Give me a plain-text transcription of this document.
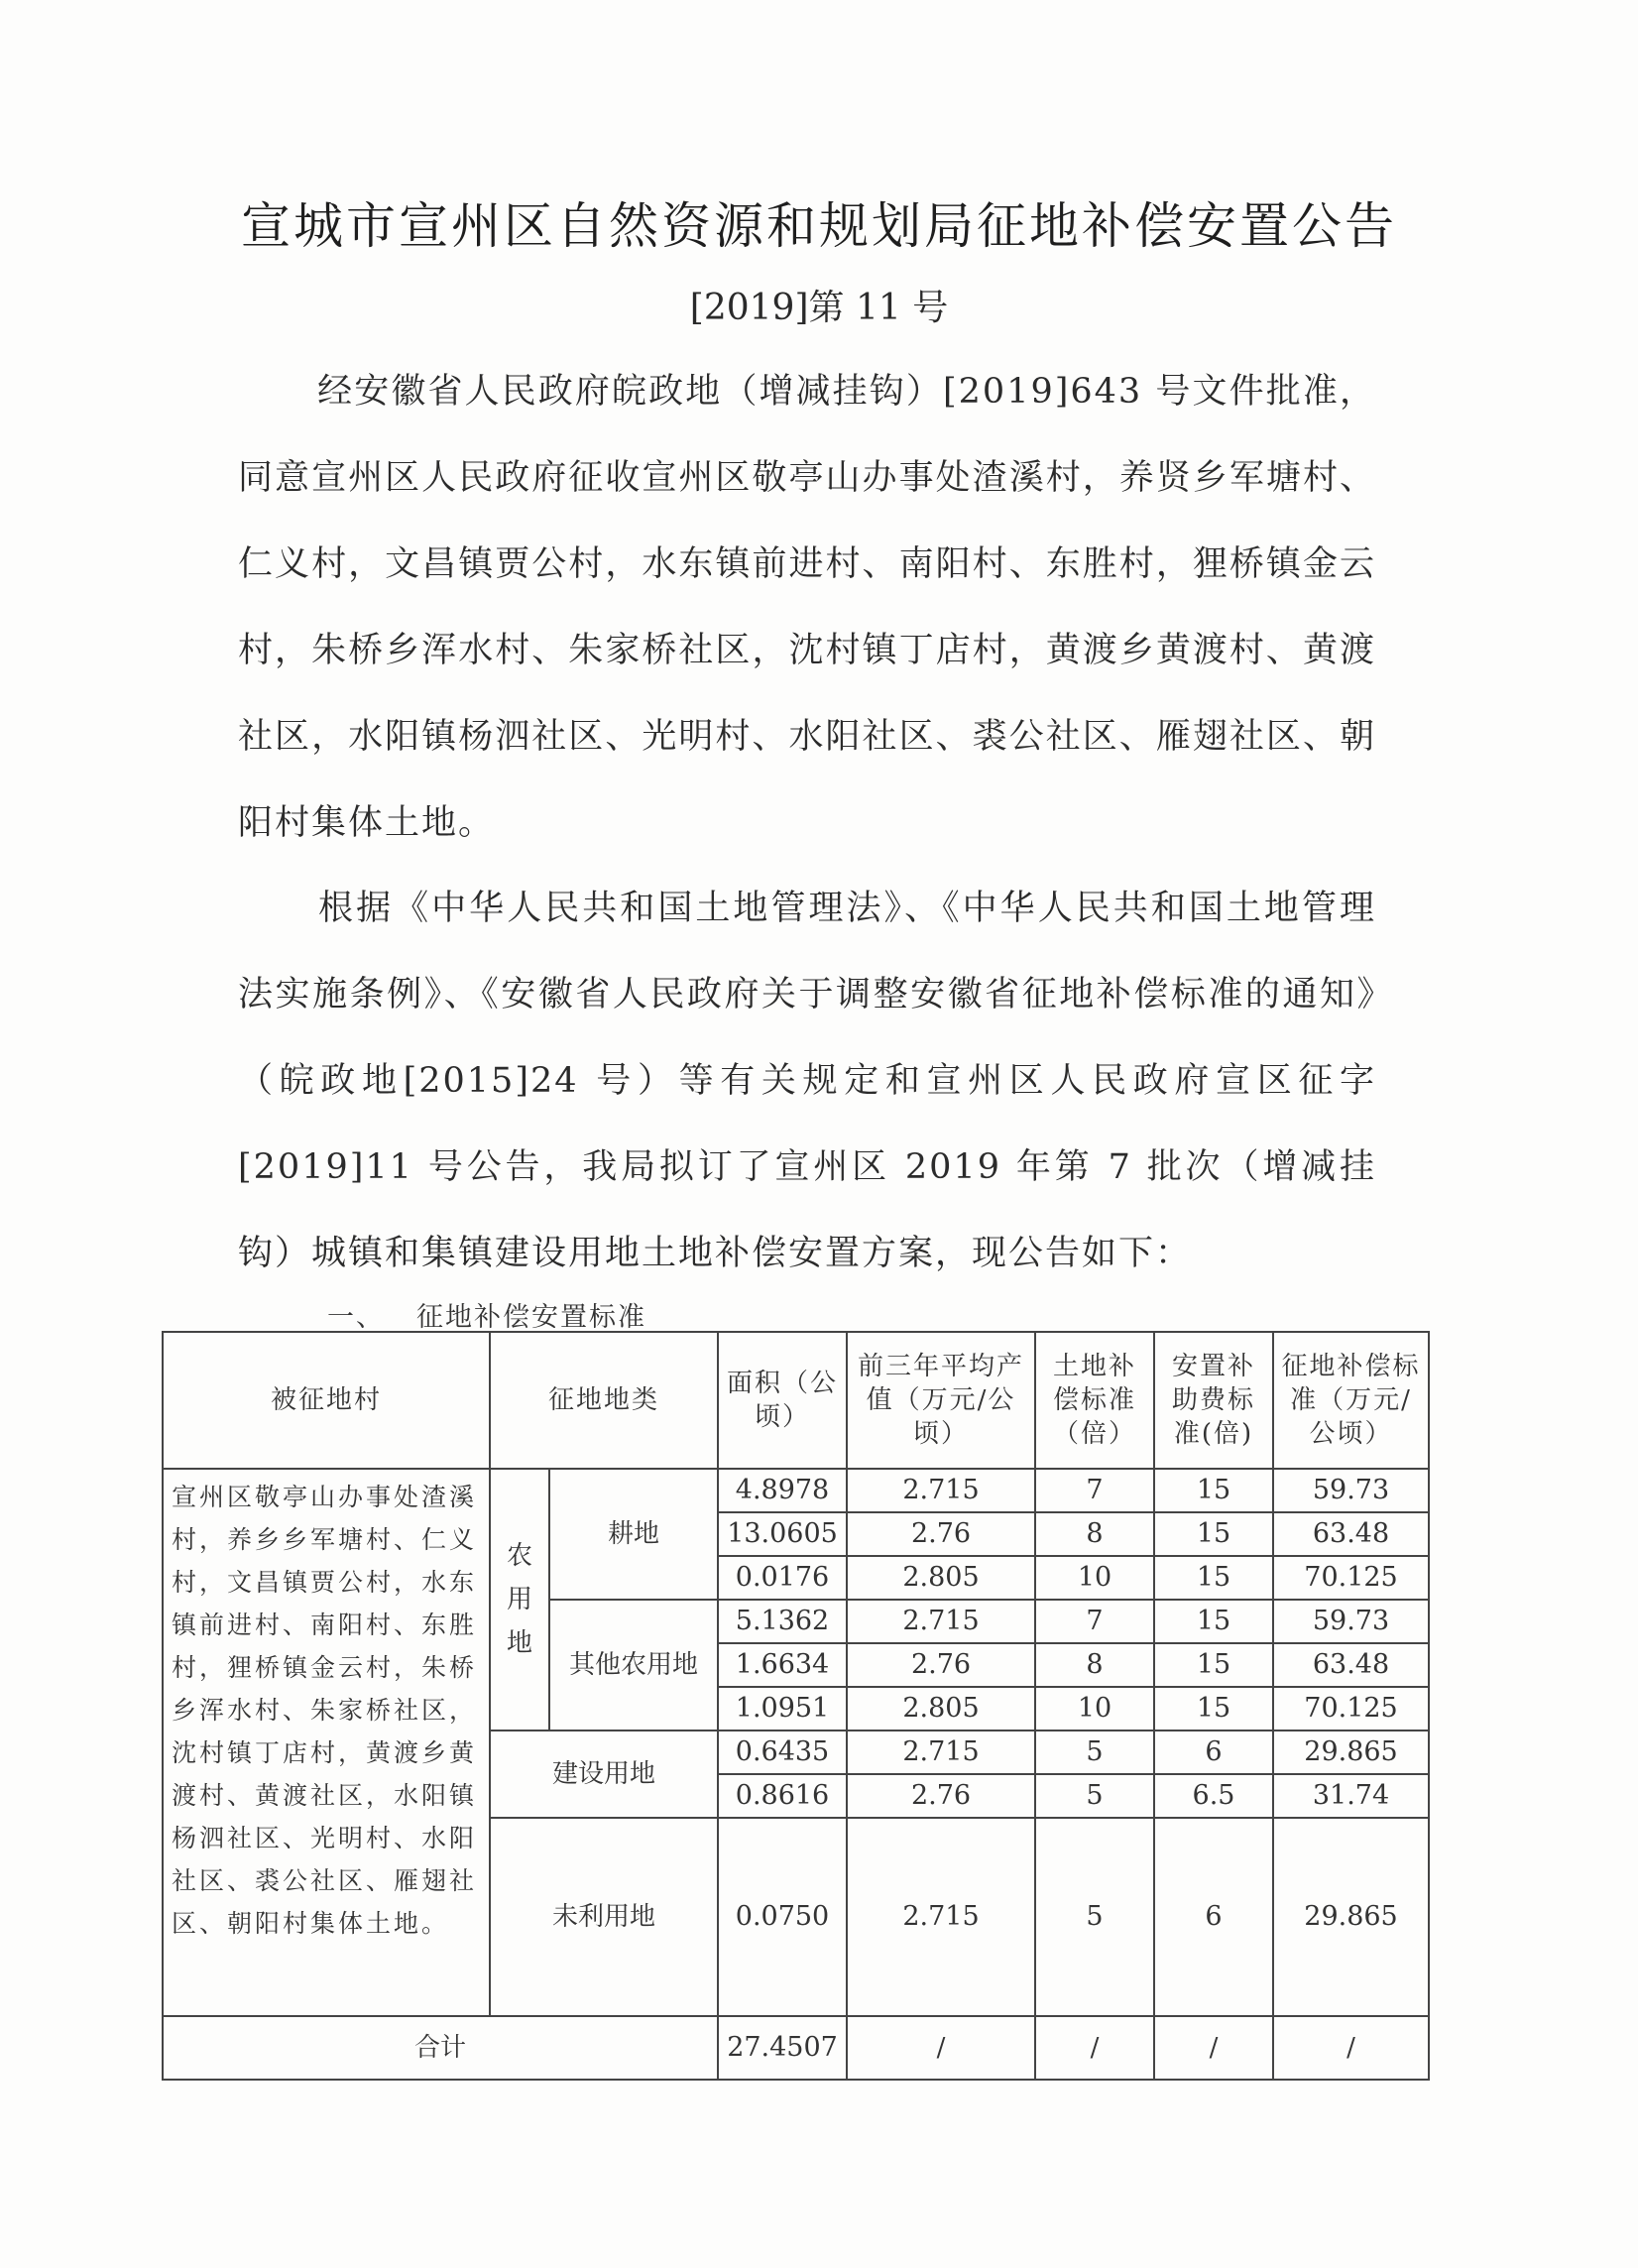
宣城市宣州区自然资源和规划局征地补偿安置公告
[2019]第 11 号
经安徽省人民政府皖政地（增减挂钩）[2019]643 号文件批准，同意宣州区人民政府征收宣州区敬亭山办事处渣溪村，养贤乡军塘村、仁义村，文昌镇贾公村，水东镇前进村、南阳村、东胜村，狸桥镇金云村，朱桥乡浑水村、朱家桥社区，沈村镇丁店村，黄渡乡黄渡村、黄渡社区，水阳镇杨泗社区、光明村、水阳社区、裘公社区、雁翅社区、朝阳村集体土地。
根据《中华人民共和国土地管理法》、《中华人民共和国土地管理法实施条例》、《安徽省人民政府关于调整安徽省征地补偿标准的通知》（皖政地[2015]24 号）等有关规定和宣州区人民政府宣区征字[2019]11 号公告，我局拟订了宣州区 2019 年第 7 批次（增减挂钩）城镇和集镇建设用地土地补偿安置方案，现公告如下：
一、 征地补偿安置标准
被征地村	征地地类		面积（公顷）	前三年平均产值（万元/公顷）	土地补偿标准（倍）	安置补助费标准(倍)	征地补偿标准（万元/公顷）
宣州区敬亭山办事处渣溪村，养乡乡军塘村、仁义村，文昌镇贾公村，水东镇前进村、南阳村、东胜村，狸桥镇金云村，朱桥乡浑水村、朱家桥社区，沈村镇丁店村，黄渡乡黄渡村、黄渡社区，水阳镇杨泗社区、光明村、水阳社区、裘公社区、雁翅社区、朝阳村集体土地。	农用地	耕地	4.8978	2.715	7	15	59.73
			13.0605	2.76	8	15	63.48
			0.0176	2.805	10	15	70.125
		其他农用地	5.1362	2.715	7	15	59.73
			1.6634	2.76	8	15	63.48
			1.0951	2.805	10	15	70.125
	建设用地		0.6435	2.715	5	6	29.865
			0.8616	2.76	5	6.5	31.74
	未利用地		0.0750	2.715	5	6	29.865
合计			27.4507	/	/	/	/
